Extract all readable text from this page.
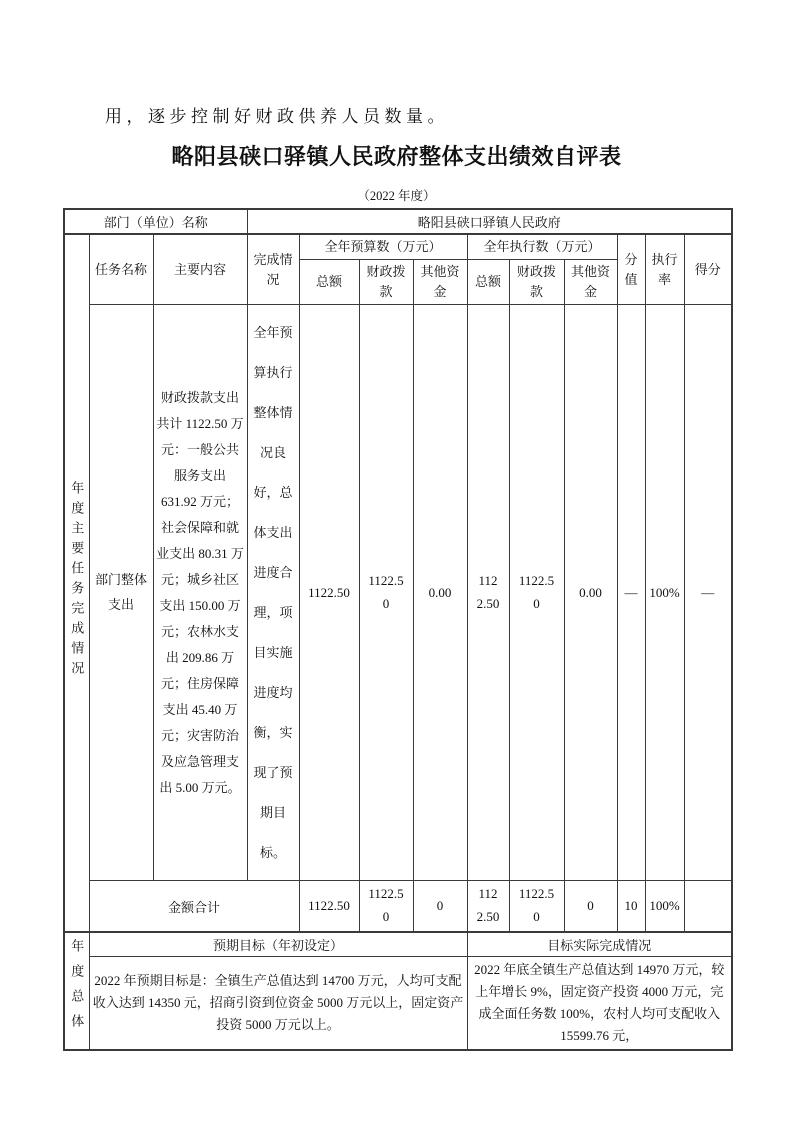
用，逐步控制好财政供养人员数量。

略阳县硖口驿镇人民政府整体支出绩效自评表
（2022 年度）
部门（单位）名称			略阳县硖口驿镇人民政府									
年度主要任务完成情况	任务名称	主要内容	完成情况	全年预算数（万元）			全年执行数（万元）			分值	执行率	得分
				总额	财政拨款	其他资金	总额	财政拨款	其他资金			
	部门整体支出	财政拨款支出共计 1122.50 万元：一般公共服务支出 631.92 万元；社会保障和就业支出 80.31 万元；城乡社区支出 150.00 万元；农林水支出 209.86 万元；住房保障支出 45.40 万元；灾害防治及应急管理支出 5.00 万元。	全年预算执行整体情况良好，总体支出进度合理，项目实施进度均衡，实现了预期目标。	1122.50	1122.50	0.00	1122.50	1122.50	0.00	—	100%	—
	金额合计			1122.50	1122.50	0	1122.50	1122.50	0	10	100%	
年度总体	预期目标（年初设定）						目标实际完成情况					
	2022 年预期目标是：全镇生产总值达到 14700 万元，人均可支配收入达到 14350 元，招商引资到位资金 5000 万元以上，固定资产投资 5000 万元以上。						2022 年底全镇生产总值达到 14970 万元，较上年增长 9%，固定资产投资 4000 万元，完成全面任务数 100%，农村人均可支配收入 15599.76 元，					
